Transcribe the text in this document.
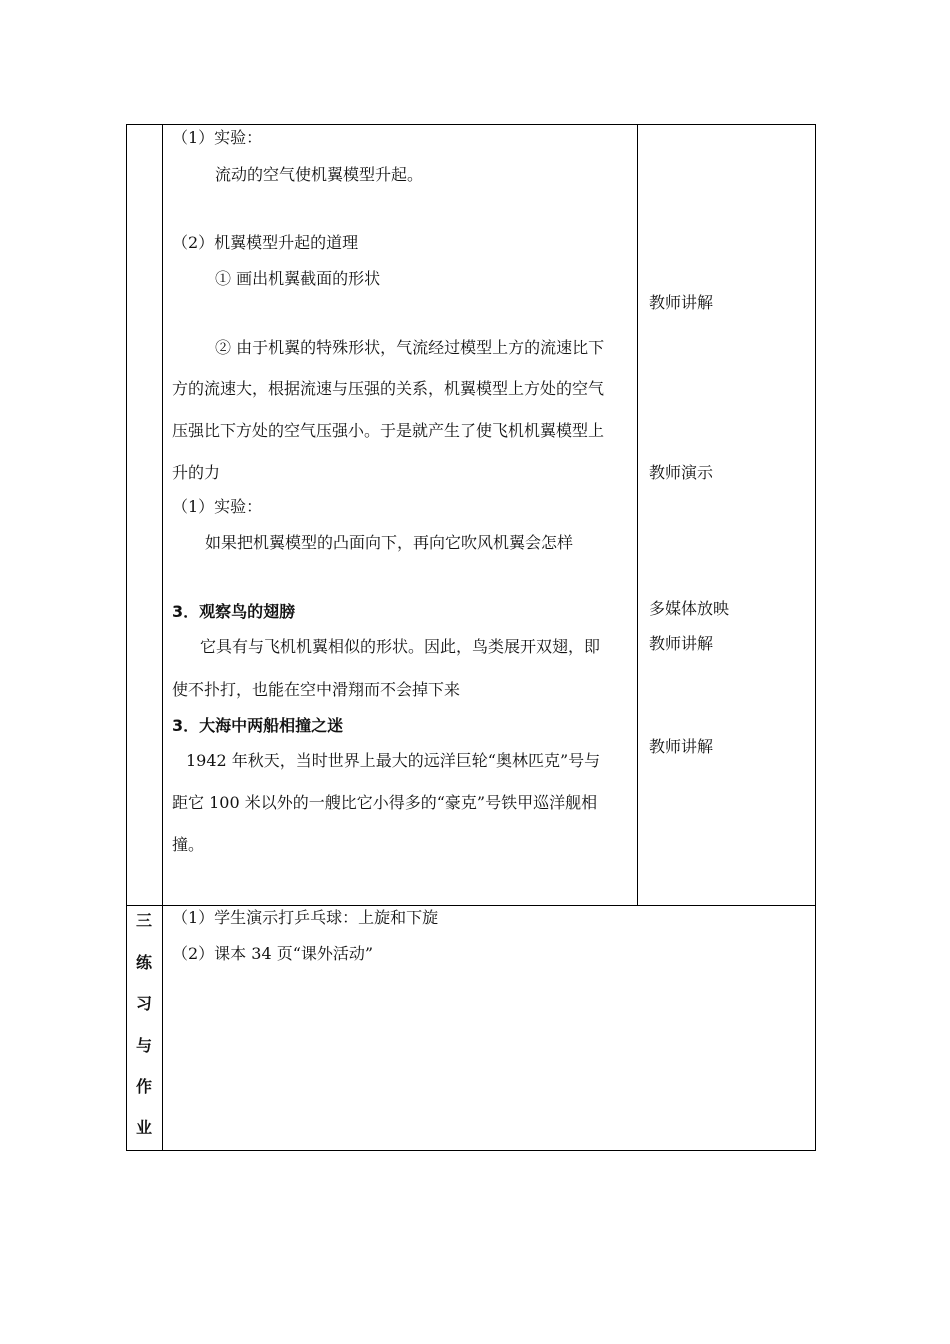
（1）实验：
流动的空气使机翼模型升起。
（2）机翼模型升起的道理
① 画出机翼截面的形状
② 由于机翼的特殊形状，气流经过模型上方的流速比下
方的流速大，根据流速与压强的关系，机翼模型上方处的空气
压强比下方处的空气压强小。于是就产生了使飞机机翼模型上
升的力
（1）实验：
如果把机翼模型的凸面向下，再向它吹风机翼会怎样
3．观察鸟的翅膀
它具有与飞机机翼相似的形状。因此，鸟类展开双翅，即
使不扑打，也能在空中滑翔而不会掉下来
3．大海中两船相撞之迷
1942 年秋天，当时世界上最大的远洋巨轮“奥林匹克”号与
距它 100 米以外的一艘比它小得多的“豪克”号铁甲巡洋舰相
撞。
教师讲解
教师演示
多媒体放映
教师讲解
教师讲解
三
练
习
与
作
业
（1）学生演示打乒乓球：上旋和下旋
（2）课本 34 页“课外活动”
